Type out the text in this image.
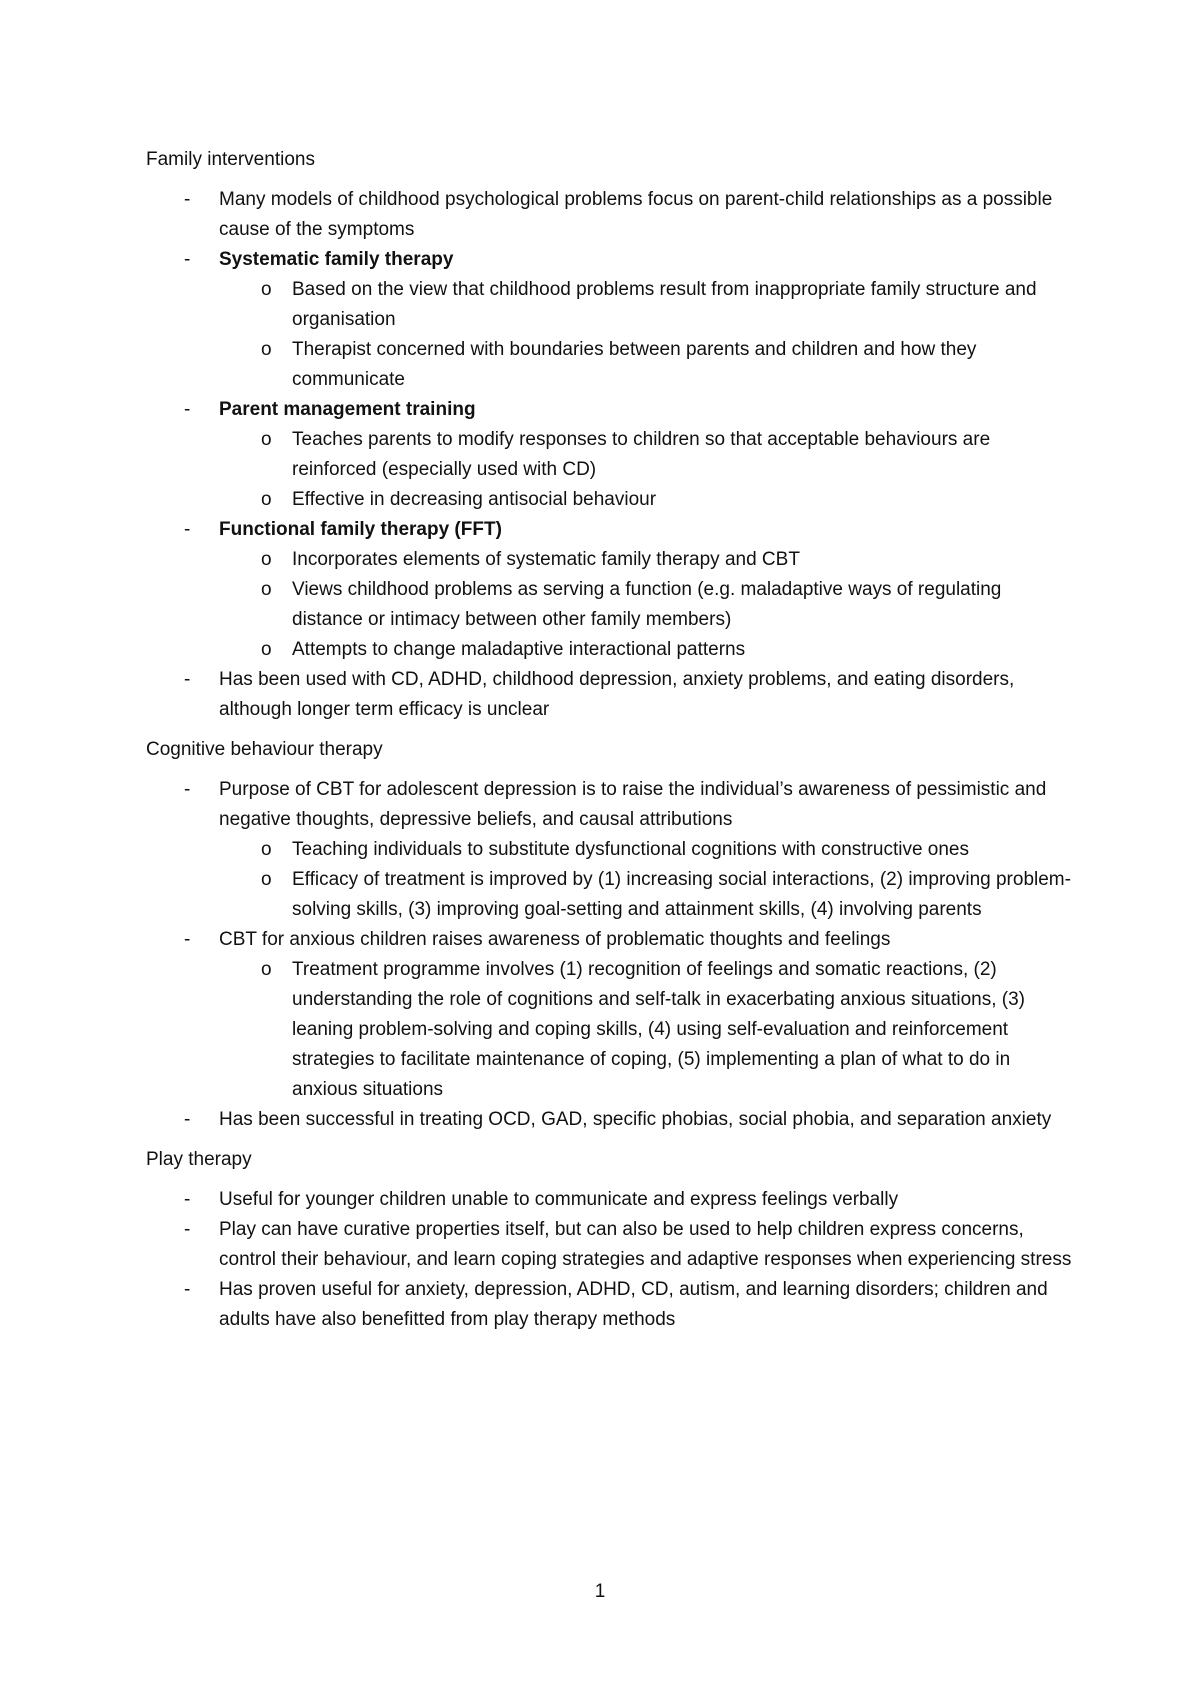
Family interventions
- Many models of childhood psychological problems focus on parent-child relationships as a possible cause of the symptoms
- Systematic family therapy
o Based on the view that childhood problems result from inappropriate family structure and organisation
o Therapist concerned with boundaries between parents and children and how they communicate
- Parent management training
o Teaches parents to modify responses to children so that acceptable behaviours are reinforced (especially used with CD)
o Effective in decreasing antisocial behaviour
- Functional family therapy (FFT)
o Incorporates elements of systematic family therapy and CBT
o Views childhood problems as serving a function (e.g. maladaptive ways of regulating distance or intimacy between other family members)
o Attempts to change maladaptive interactional patterns
- Has been used with CD, ADHD, childhood depression, anxiety problems, and eating disorders, although longer term efficacy is unclear
Cognitive behaviour therapy
- Purpose of CBT for adolescent depression is to raise the individual’s awareness of pessimistic and negative thoughts, depressive beliefs, and causal attributions
o Teaching individuals to substitute dysfunctional cognitions with constructive ones
o Efficacy of treatment is improved by (1) increasing social interactions, (2) improving problem-solving skills, (3) improving goal-setting and attainment skills, (4) involving parents
- CBT for anxious children raises awareness of problematic thoughts and feelings
o Treatment programme involves (1) recognition of feelings and somatic reactions, (2) understanding the role of cognitions and self-talk in exacerbating anxious situations, (3) leaning problem-solving and coping skills, (4) using self-evaluation and reinforcement strategies to facilitate maintenance of coping, (5) implementing a plan of what to do in anxious situations
- Has been successful in treating OCD, GAD, specific phobias, social phobia, and separation anxiety
Play therapy
- Useful for younger children unable to communicate and express feelings verbally
- Play can have curative properties itself, but can also be used to help children express concerns, control their behaviour, and learn coping strategies and adaptive responses when experiencing stress
- Has proven useful for anxiety, depression, ADHD, CD, autism, and learning disorders; children and adults have also benefitted from play therapy methods
1
